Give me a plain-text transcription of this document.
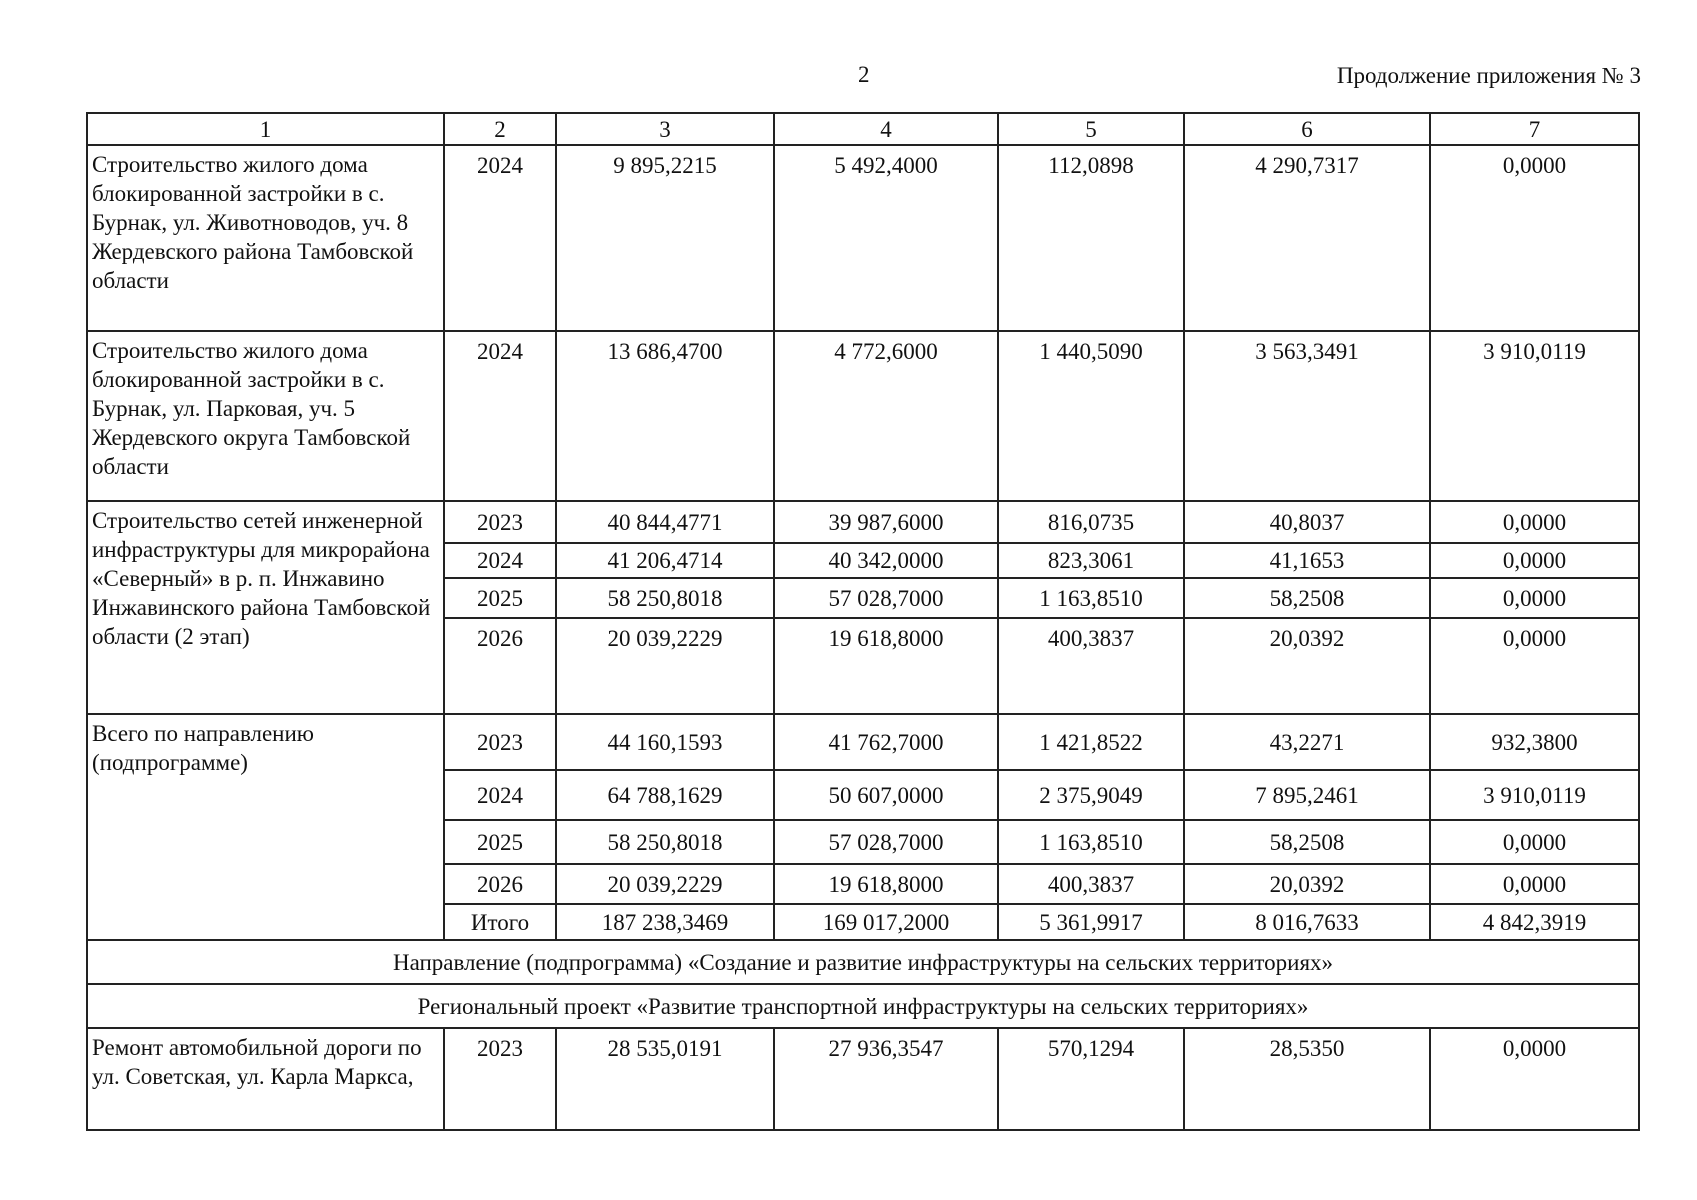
2	Продолжение приложения № 3
1	2	3	4	5	6	7
Строительство жилого дома блокированной застройки в с. Бурнак, ул. Животноводов, уч. 8 Жердевского района Тамбовской области	2024	9 895,2215	5 492,4000	112,0898	4 290,7317	0,0000
Строительство жилого дома блокированной застройки в с. Бурнак, ул. Парковая, уч. 5 Жердевского округа Тамбовской области	2024	13 686,4700	4 772,6000	1 440,5090	3 563,3491	3 910,0119
Строительство сетей инженерной инфраструктуры для микрорайона «Северный» в р. п. Инжавино Инжавинского района Тамбовской области (2 этап)	2023	40 844,4771	39 987,6000	816,0735	40,8037	0,0000
	2024	41 206,4714	40 342,0000	823,3061	41,1653	0,0000
	2025	58 250,8018	57 028,7000	1 163,8510	58,2508	0,0000
	2026	20 039,2229	19 618,8000	400,3837	20,0392	0,0000
Всего по направлению (подпрограмме)	2023	44 160,1593	41 762,7000	1 421,8522	43,2271	932,3800
	2024	64 788,1629	50 607,0000	2 375,9049	7 895,2461	3 910,0119
	2025	58 250,8018	57 028,7000	1 163,8510	58,2508	0,0000
	2026	20 039,2229	19 618,8000	400,3837	20,0392	0,0000
	Итого	187 238,3469	169 017,2000	5 361,9917	8 016,7633	4 842,3919
Направление (подпрограмма) «Создание и развитие инфраструктуры на сельских территориях»						
Региональный проект «Развитие транспортной инфраструктуры на сельских территориях»						
Ремонт автомобильной дороги по ул. Советская, ул. Карла Маркса,	2023	28 535,0191	27 936,3547	570,1294	28,5350	0,0000
